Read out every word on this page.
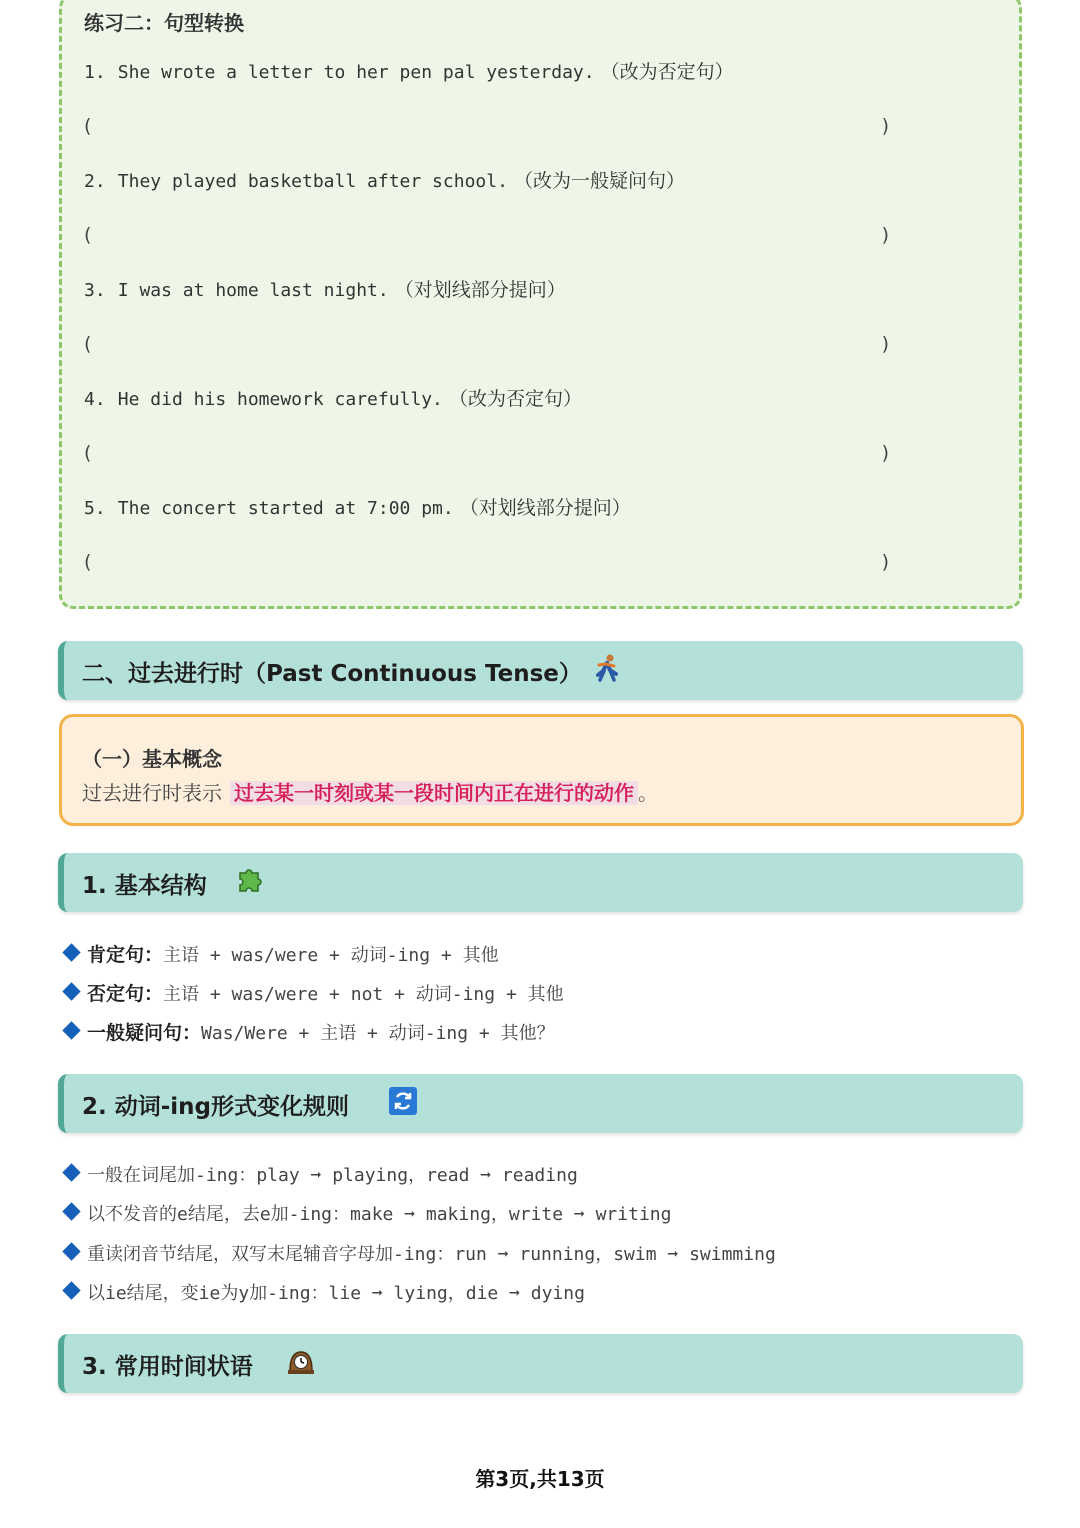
练习二：句型转换
1. She wrote a letter to her pen pal yesterday. （改为否定句）
(	)
2. They played basketball after school. （改为一般疑问句）
(	)
3. I was at home last night. （对划线部分提问）
(	)
4. He did his homework carefully. （改为否定句）
(	)
5. The concert started at 7:00 pm. （对划线部分提问）
(	)
二、过去进行时（Past Continuous Tense）
（一）基本概念
过去进行时表示 过去某一时刻或某一段时间内正在进行的动作 。
1. 基本结构
肯定句：主语 + was/were + 动词-ing + 其他
否定句：主语 + was/were + not + 动词-ing + 其他
一般疑问句：Was/Were + 主语 + 动词-ing + 其他？
2. 动词-ing形式变化规则
一般在词尾加-ing：play ➞ playing，read ➞ reading
以不发音的e结尾，去e加-ing：make ➞ making，write ➞ writing
重读闭音节结尾，双写末尾辅音字母加-ing：run ➞ running，swim ➞ swimming
以ie结尾，变ie为y加-ing：lie ➞ lying，die ➞ dying
3. 常用时间状语
第3页,共13页
